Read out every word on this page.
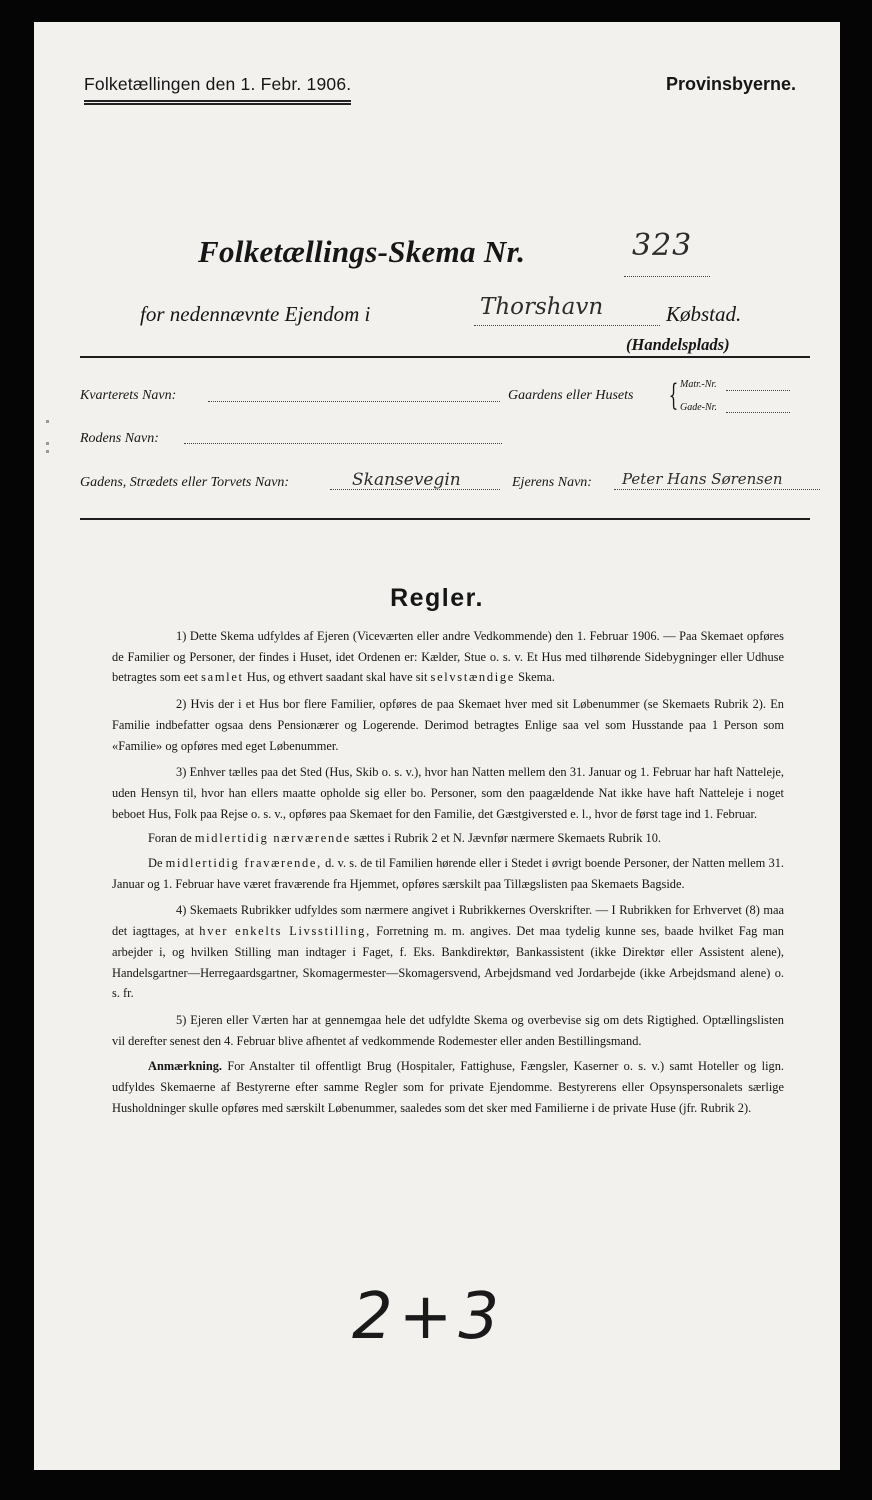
Folketællingen den 1. Febr. 1906.	Provinsbyerne.
Folketællings-Skema Nr.	323
for nedennævnte Ejendom i	Thorshavn	Købstad.
(Handelsplads)
Kvarterets Navn:	Gaardens eller Husets { Matr.-Nr.
Gade-Nr.
Rodens Navn:
Gadens, Strædets eller Torvets Navn:	Skansevegin	Ejerens Navn: Peter Hans Sørensen
Regler.

1) Dette Skema udfyldes af Ejeren (Viceværten eller andre Vedkommende) den 1. Februar 1906. — Paa Skemaet opføres de Familier og Personer, der findes i Huset, idet Ordenen er: Kælder, Stue o. s. v. Et Hus med tilhørende Sidebygninger eller Udhuse betragtes som eet samlet Hus, og ethvert saadant skal have sit selvstændige Skema.

2) Hvis der i et Hus bor flere Familier, opføres de paa Skemaet hver med sit Løbenummer (se Skemaets Rubrik 2). En Familie indbefatter ogsaa dens Pensionærer og Logerende. Derimod betragtes Enlige saa vel som Husstande paa 1 Person som «Familie» og opføres med eget Løbenummer.

3) Enhver tælles paa det Sted (Hus, Skib o. s. v.), hvor han Natten mellem den 31. Januar og 1. Februar har haft Natteleje, uden Hensyn til, hvor han ellers maatte opholde sig eller bo. Personer, som den paagældende Nat ikke have haft Natteleje i noget beboet Hus, Folk paa Rejse o. s. v., opføres paa Skemaet for den Familie, det Gæstgiversted e. l., hvor de først tage ind 1. Februar.

Foran de midlertidig nærværende sættes i Rubrik 2 et N. Jævnfør nærmere Skemaets Rubrik 10.

De midlertidig fraværende, d. v. s. de til Familien hørende eller i Stedet i øvrigt boende Personer, der Natten mellem 31. Januar og 1. Februar have været fraværende fra Hjemmet, opføres særskilt paa Tillægslisten paa Skemaets Bagside.

4) Skemaets Rubrikker udfyldes som nærmere angivet i Rubrikkernes Overskrifter. — I Rubrikken for Erhvervet (8) maa det iagttages, at hver enkelts Livsstilling, Forretning m. m. angives. Det maa tydelig kunne ses, baade hvilket Fag man arbejder i, og hvilken Stilling man indtager i Faget, f. Eks. Bankdirektør, Bankassistent (ikke Direktør eller Assistent alene), Handelsgartner—Herregaardsgartner, Skomagermester—Skomagersvend, Arbejdsmand ved Jordarbejde (ikke Arbejdsmand alene) o. s. fr.

5) Ejeren eller Værten har at gennemgaa hele det udfyldte Skema og overbevise sig om dets Rigtighed. Optællingslisten vil derefter senest den 4. Februar blive afhentet af vedkommende Rodemester eller anden Bestillingsmand.

Anmærkning. For Anstalter til offentligt Brug (Hospitaler, Fattighuse, Fængsler, Kaserner o. s. v.) samt Hoteller og lign. udfyldes Skemaerne af Bestyrerne efter samme Regler som for private Ejendomme. Bestyrerens eller Opsynspersonalets særlige Husholdninger skulle opføres med særskilt Løbenummer, saaledes som det sker med Familierne i de private Huse (jfr. Rubrik 2).

2+3
